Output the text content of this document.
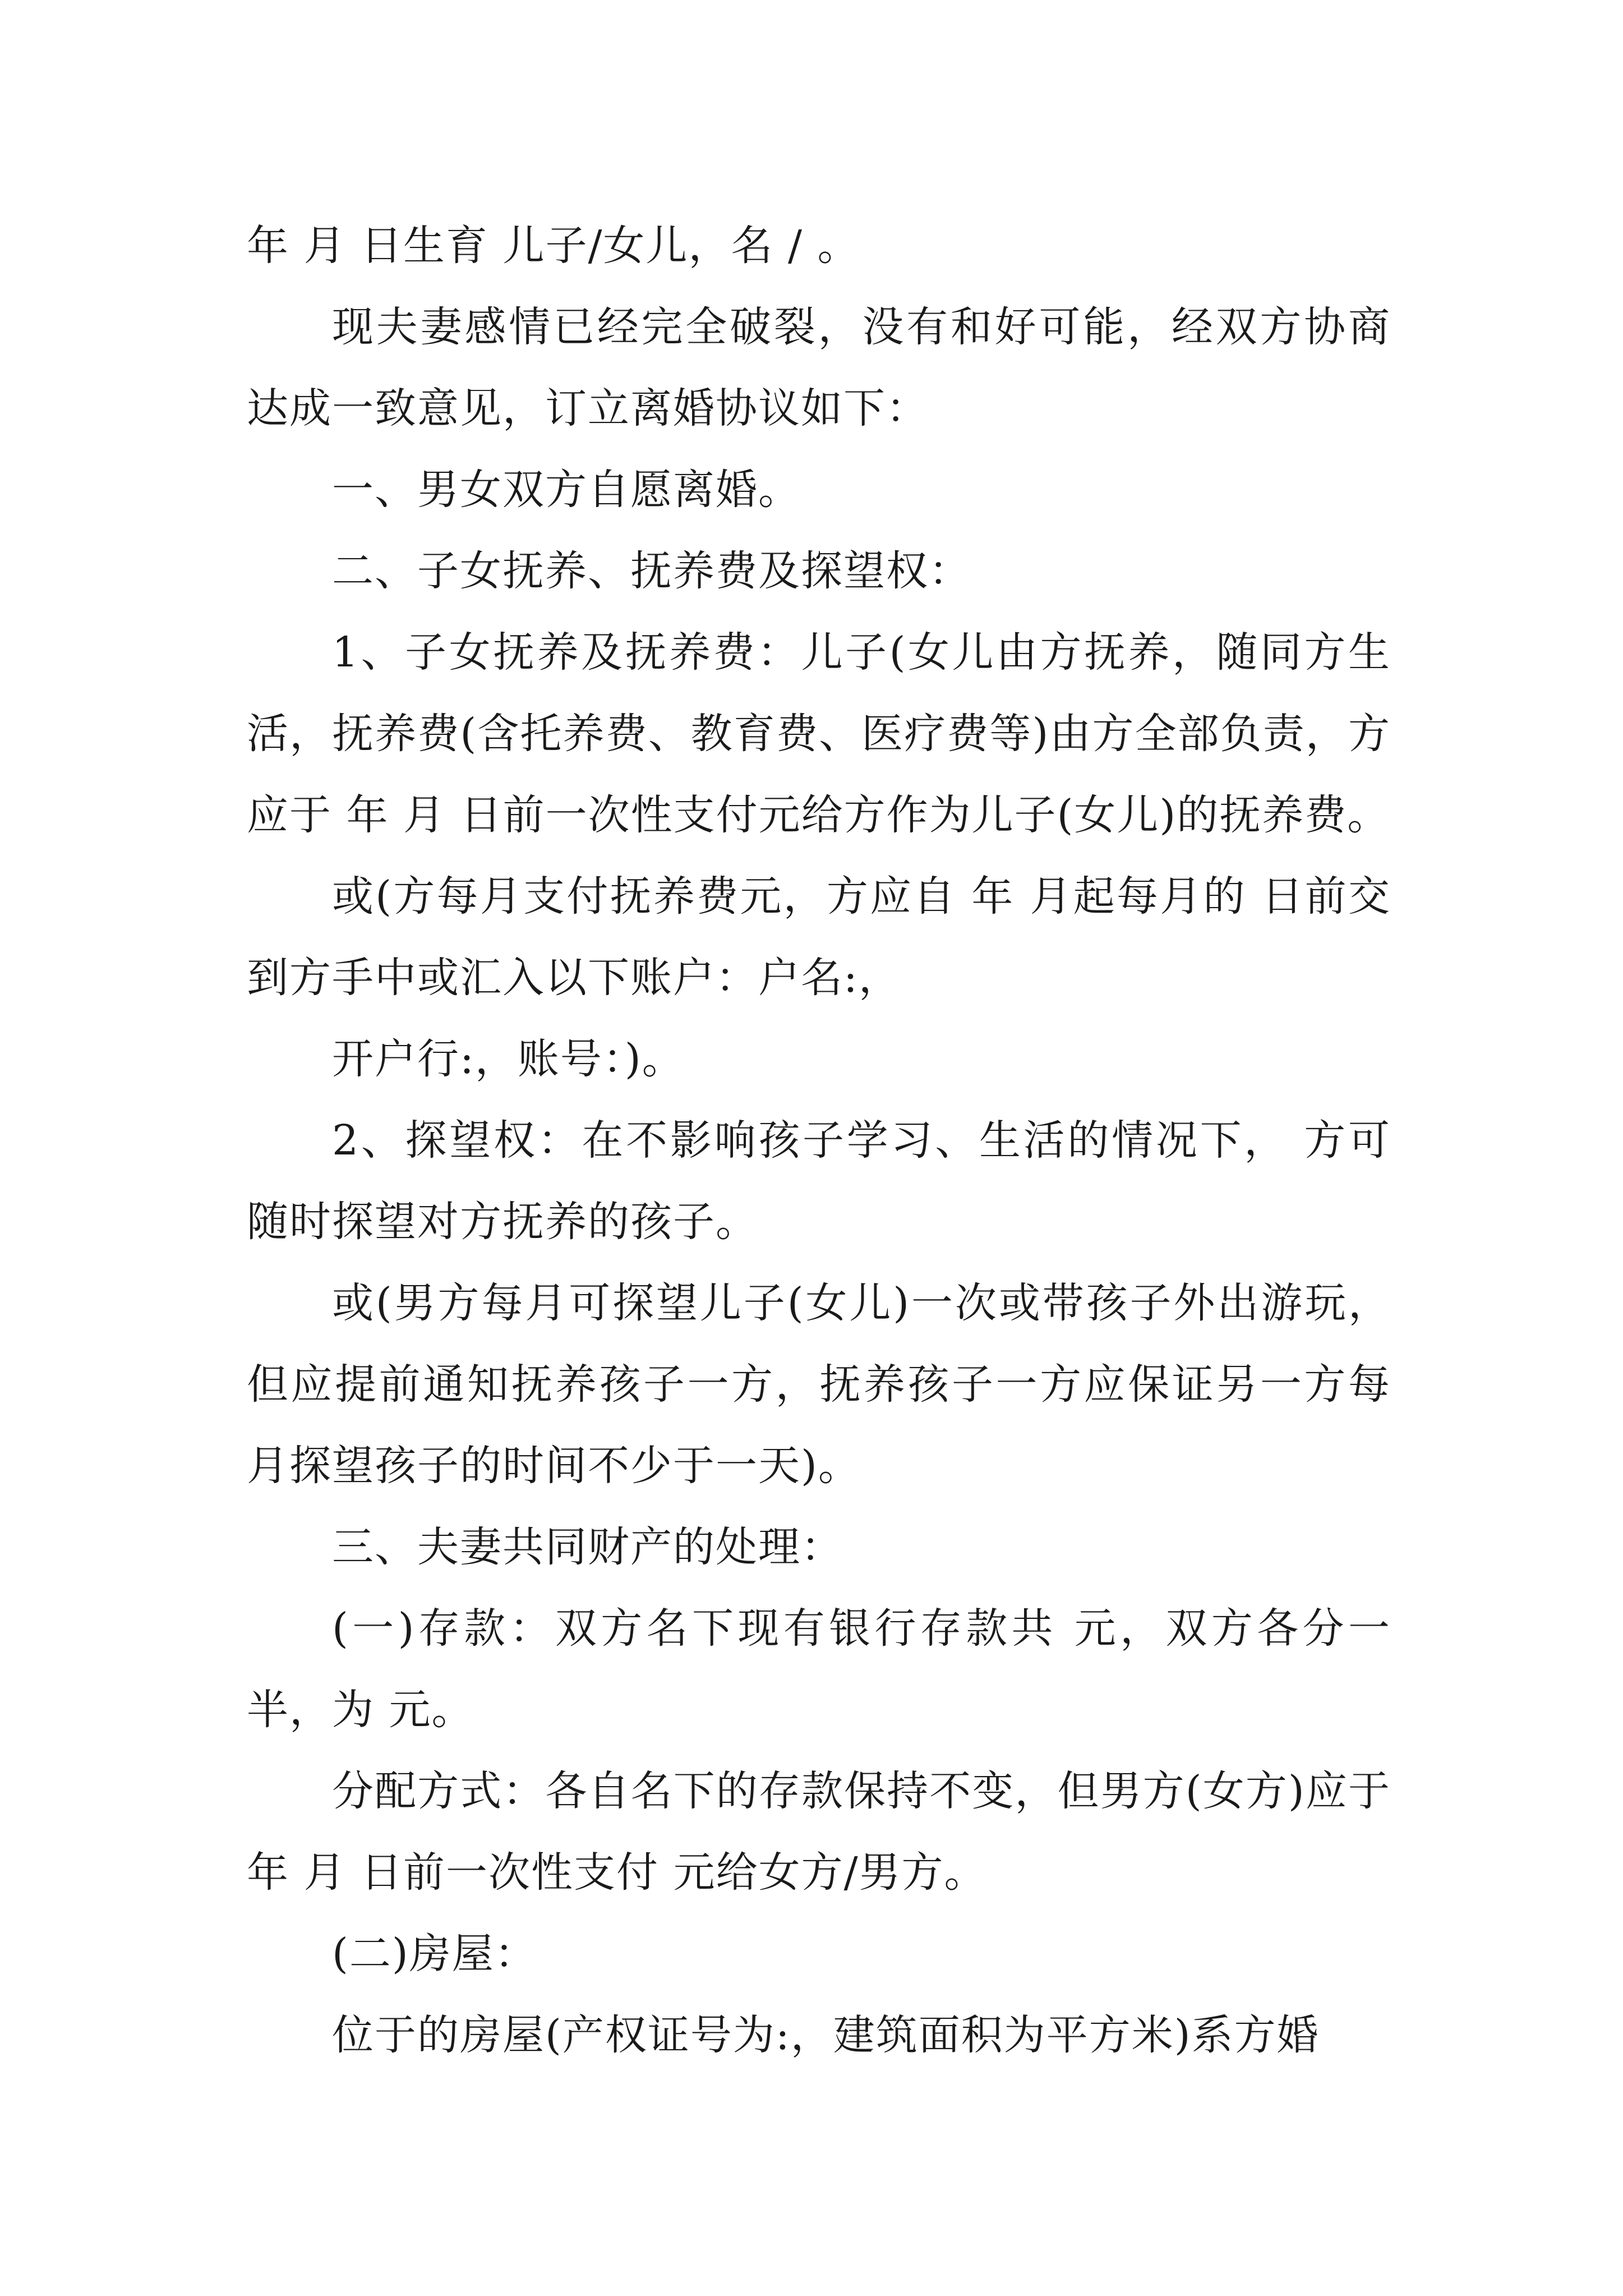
年 月 日生育 儿子/女儿，名 / 。

现夫妻感情已经完全破裂，没有和好可能，经双方协商达成一致意见，订立离婚协议如下：

一、男女双方自愿离婚。

二、子女抚养、抚养费及探望权：

1、子女抚养及抚养费：儿子(女儿由方抚养，随同方生活，抚养费(含托养费、教育费、医疗费等)由方全部负责，方应于 年 月 日前一次性支付元给方作为儿子(女儿)的抚养费。

或(方每月支付抚养费元，方应自 年 月起每月的 日前交到方手中或汇入以下账户：户名:，

开户行:，账号：)。

2、探望权：在不影响孩子学习、生活的情况下， 方可随时探望对方抚养的孩子。

或(男方每月可探望儿子(女儿)一次或带孩子外出游玩，但应提前通知抚养孩子一方，抚养孩子一方应保证另一方每月探望孩子的时间不少于一天)。

三、夫妻共同财产的处理：

(一)存款：双方名下现有银行存款共 元，双方各分一半，为 元。

分配方式：各自名下的存款保持不变，但男方(女方)应于 年 月 日前一次性支付 元给女方/男方。

(二)房屋：

位于的房屋(产权证号为:，建筑面积为平方米)系方婚
